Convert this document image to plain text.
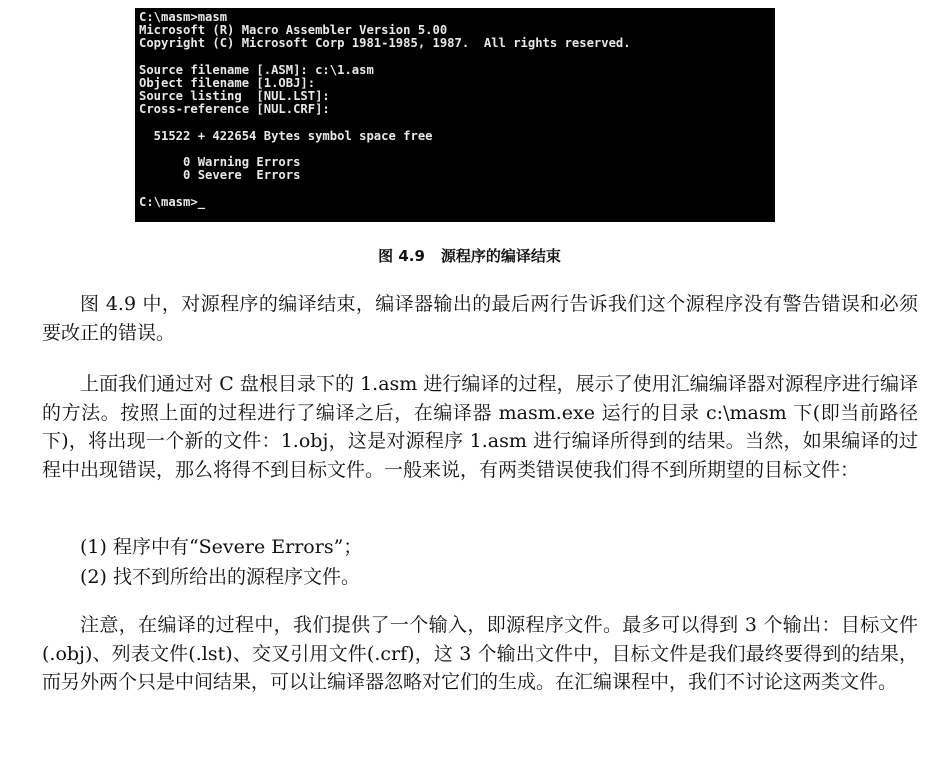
C:\masm>masm
Microsoft (R) Macro Assembler Version 5.00
Copyright (C) Microsoft Corp 1981-1985, 1987.  All rights reserved.

Source filename [.ASM]: c:\1.asm
Object filename [1.OBJ]:
Source listing  [NUL.LST]:
Cross-reference [NUL.CRF]:

51522 + 422654 Bytes symbol space free

0 Warning Errors
0 Severe  Errors

C:\masm>_
图 4.9 源程序的编译结束
图 4.9 中，对源程序的编译结束，编译器输出的最后两行告诉我们这个源程序没有警告错误和必须要改正的错误。
上面我们通过对 C 盘根目录下的 1.asm 进行编译的过程，展示了使用汇编编译器对源程序进行编译的方法。按照上面的过程进行了编译之后，在编译器 masm.exe 运行的目录 c:\masm 下(即当前路径下)，将出现一个新的文件：1.obj，这是对源程序 1.asm 进行编译所得到的结果。当然，如果编译的过程中出现错误，那么将得不到目标文件。一般来说，有两类错误使我们得不到所期望的目标文件：
(1) 程序中有“Severe Errors”；
(2) 找不到所给出的源程序文件。
注意，在编译的过程中，我们提供了一个输入，即源程序文件。最多可以得到 3 个输出：目标文件(.obj)、列表文件(.lst)、交叉引用文件(.crf)，这 3 个输出文件中，目标文件是我们最终要得到的结果，而另外两个只是中间结果，可以让编译器忽略对它们的生成。在汇编课程中，我们不讨论这两类文件。
